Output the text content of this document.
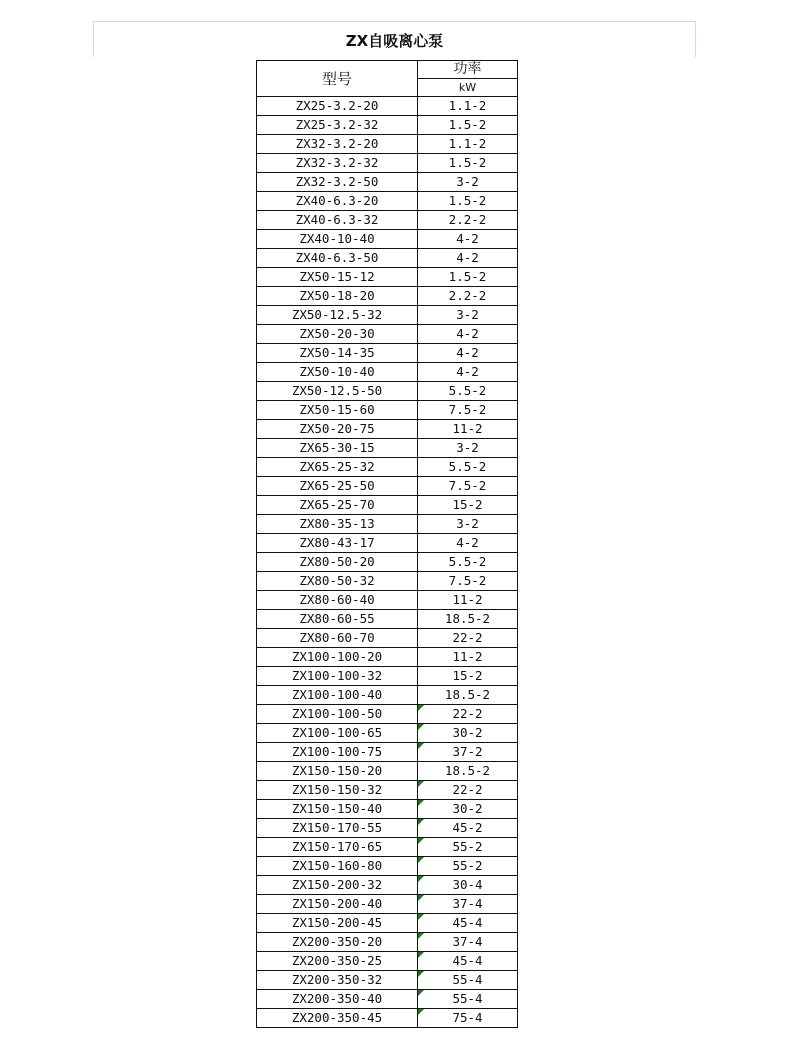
ZX自吸离心泵
型号	功率
	kW
ZX25-3.2-20	1.1-2
ZX25-3.2-32	1.5-2
ZX32-3.2-20	1.1-2
ZX32-3.2-32	1.5-2
ZX32-3.2-50	3-2
ZX40-6.3-20	1.5-2
ZX40-6.3-32	2.2-2
ZX40-10-40	4-2
ZX40-6.3-50	4-2
ZX50-15-12	1.5-2
ZX50-18-20	2.2-2
ZX50-12.5-32	3-2
ZX50-20-30	4-2
ZX50-14-35	4-2
ZX50-10-40	4-2
ZX50-12.5-50	5.5-2
ZX50-15-60	7.5-2
ZX50-20-75	11-2
ZX65-30-15	3-2
ZX65-25-32	5.5-2
ZX65-25-50	7.5-2
ZX65-25-70	15-2
ZX80-35-13	3-2
ZX80-43-17	4-2
ZX80-50-20	5.5-2
ZX80-50-32	7.5-2
ZX80-60-40	11-2
ZX80-60-55	18.5-2
ZX80-60-70	22-2
ZX100-100-20	11-2
ZX100-100-32	15-2
ZX100-100-40	18.5-2
ZX100-100-50	22-2
ZX100-100-65	30-2
ZX100-100-75	37-2
ZX150-150-20	18.5-2
ZX150-150-32	22-2
ZX150-150-40	30-2
ZX150-170-55	45-2
ZX150-170-65	55-2
ZX150-160-80	55-2
ZX150-200-32	30-4
ZX150-200-40	37-4
ZX150-200-45	45-4
ZX200-350-20	37-4
ZX200-350-25	45-4
ZX200-350-32	55-4
ZX200-350-40	55-4
ZX200-350-45	75-4
